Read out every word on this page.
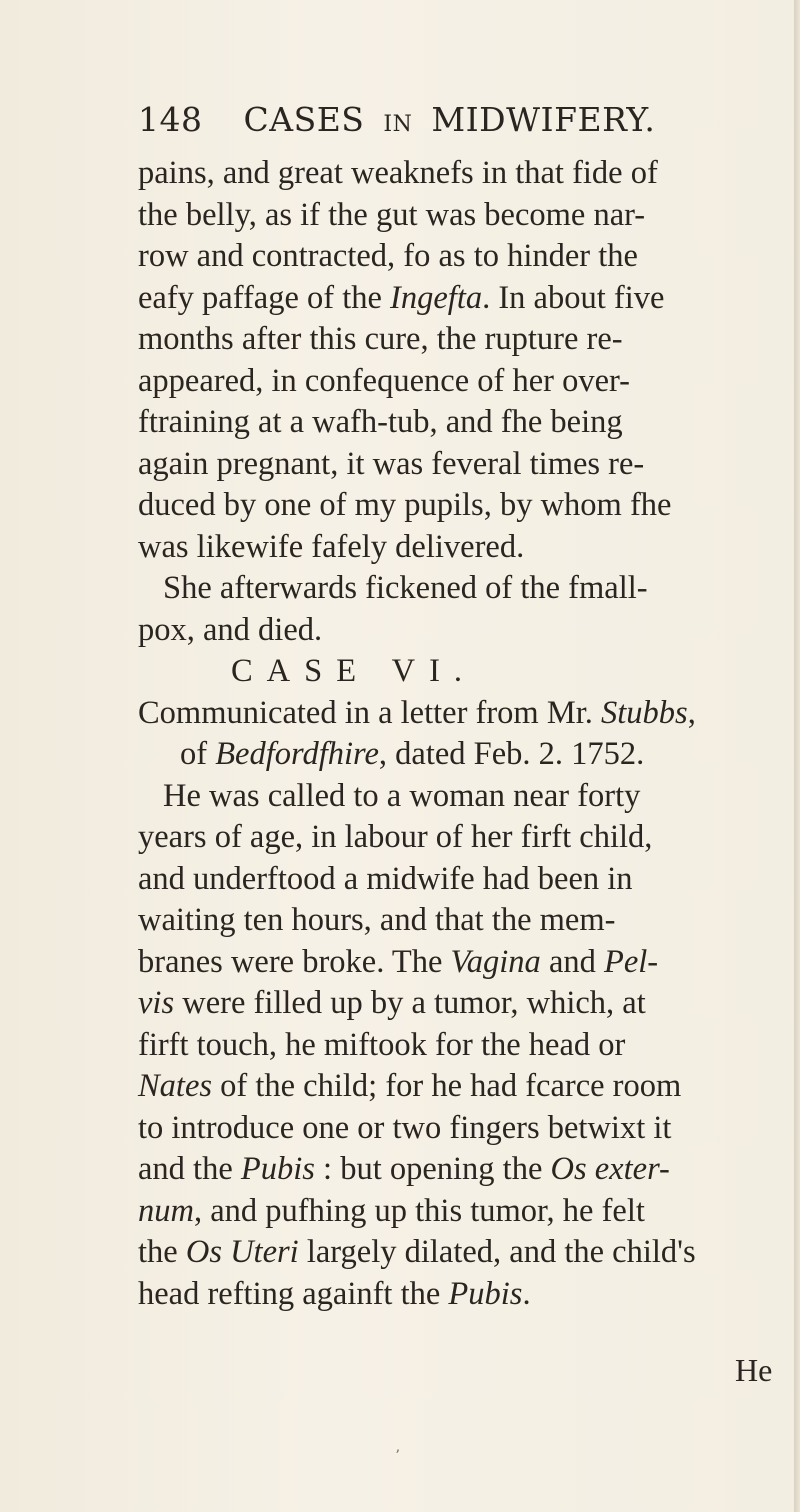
148 CASES IN MIDWIFERY.
pains, and great weaknefs in that fide of
the belly, as if the gut was become nar-
row and contracted, fo as to hinder the
eafy paffage of the Ingefta. In about five
months after this cure, the rupture re-
appeared, in confequence of her over-
ftraining at a wafh-tub, and fhe being
again pregnant, it was feveral times re-
duced by one of my pupils, by whom fhe
was likewife fafely delivered.
She afterwards fickened of the fmall-
pox, and died.
CASE VI.
Communicated in a letter from Mr. Stubbs,
of Bedfordfhire, dated Feb. 2. 1752.
He was called to a woman near forty
years of age, in labour of her firft child,
and underftood a midwife had been in
waiting ten hours, and that the mem-
branes were broke. The Vagina and Pel-
vis were filled up by a tumor, which, at
firft touch, he miftook for the head or
Nates of the child; for he had fcarce room
to introduce one or two fingers betwixt it
and the Pubis : but opening the Os exter-
num, and pufhing up this tumor, he felt
the Os Uteri largely dilated, and the child's
head refting againft the Pubis.
He
ʼ
